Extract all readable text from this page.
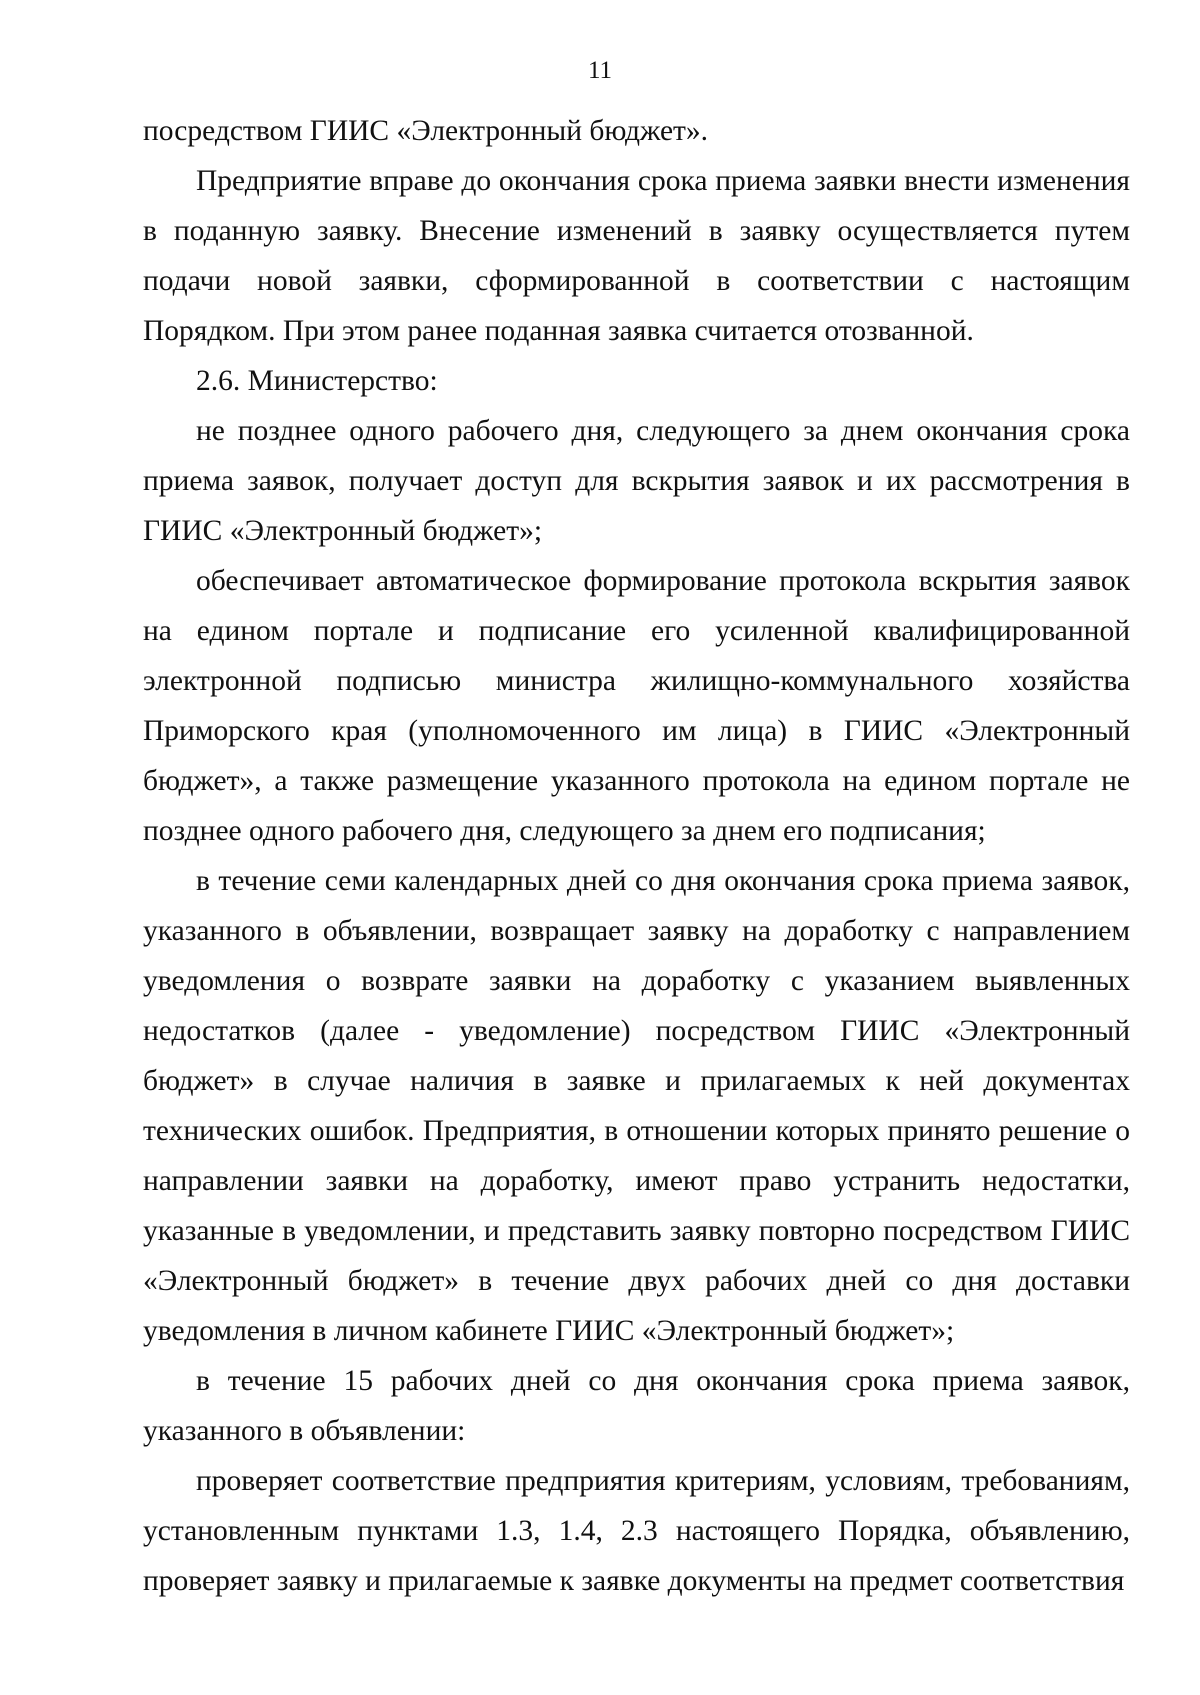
11

посредством ГИИС «Электронный бюджет».

Предприятие вправе до окончания срока приема заявки внести изменения в поданную заявку. Внесение изменений в заявку осуществляется путем подачи новой заявки, сформированной в соответствии с настоящим Порядком. При этом ранее поданная заявка считается отозванной.

2.6. Министерство:

не позднее одного рабочего дня, следующего за днем окончания срока приема заявок, получает доступ для вскрытия заявок и их рассмотрения в ГИИС «Электронный бюджет»;

обеспечивает автоматическое формирование протокола вскрытия заявок на едином портале и подписание его усиленной квалифицированной электронной подписью министра жилищно-коммунального хозяйства Приморского края (уполномоченного им лица) в ГИИС «Электронный бюджет», а также размещение указанного протокола на едином портале не позднее одного рабочего дня, следующего за днем его подписания;

в течение семи календарных дней со дня окончания срока приема заявок, указанного в объявлении, возвращает заявку на доработку с направлением уведомления о возврате заявки на доработку с указанием выявленных недостатков (далее - уведомление) посредством ГИИС «Электронный бюджет» в случае наличия в заявке и прилагаемых к ней документах технических ошибок. Предприятия, в отношении которых принято решение о направлении заявки на доработку, имеют право устранить недостатки, указанные в уведомлении, и представить заявку повторно посредством ГИИС «Электронный бюджет» в течение двух рабочих дней со дня доставки уведомления в личном кабинете ГИИС «Электронный бюджет»;

в течение 15 рабочих дней со дня окончания срока приема заявок, указанного в объявлении:

проверяет соответствие предприятия критериям, условиям, требованиям, установленным пунктами 1.3, 1.4, 2.3 настоящего Порядка, объявлению, проверяет заявку и прилагаемые к заявке документы на предмет соответствия
